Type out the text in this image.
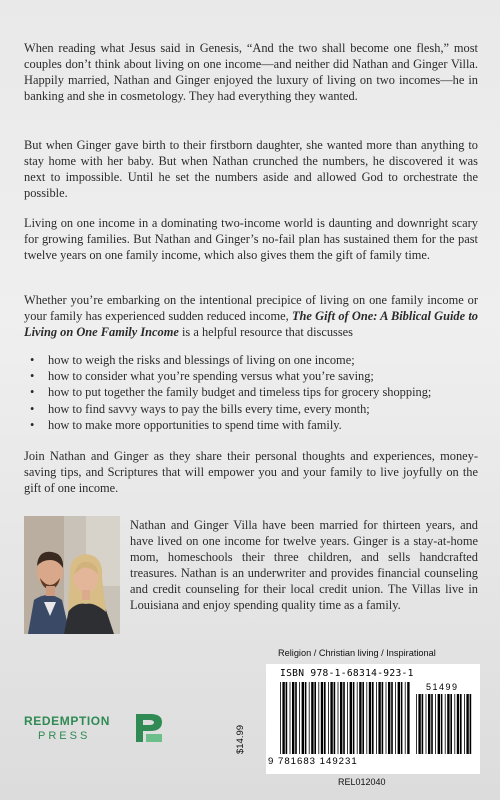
When reading what Jesus said in Genesis, “And the two shall become one flesh,” most couples don’t think about living on one income—and neither did Nathan and Ginger Villa. Happily married, Nathan and Ginger enjoyed the luxury of living on two incomes—he in banking and she in cosmetology. They had everything they wanted.

But when Ginger gave birth to their firstborn daughter, she wanted more than anything to stay home with her baby. But when Nathan crunched the numbers, he discovered it was next to impossible. Until he set the numbers aside and allowed God to orchestrate the possible.

Living on one income in a dominating two-income world is daunting and downright scary for growing families. But Nathan and Ginger’s no-fail plan has sustained them for the past twelve years on one family income, which also gives them the gift of family time.

Whether you’re embarking on the intentional precipice of living on one family income or your family has experienced sudden reduced income, The Gift of One: A Biblical Guide to Living on One Family Income is a helpful resource that discusses

• how to weigh the risks and blessings of living on one income;
• how to consider what you’re spending versus what you’re saving;
• how to put together the family budget and timeless tips for grocery shopping;
• how to find savvy ways to pay the bills every time, every month;
• how to make more opportunities to spend time with family.

Join Nathan and Ginger as they share their personal thoughts and experiences, money-saving tips, and Scriptures that will empower you and your family to live joyfully on the gift of one income.

Nathan and Ginger Villa have been married for thirteen years, and have lived on one income for twelve years. Ginger is a stay-at-home mom, homeschools their three children, and sells handcrafted treasures. Nathan is an underwriter and provides financial counseling and credit counseling for their local credit union. The Villas live in Louisiana and enjoy spending quality time as a family.

Religion / Christian living / Inspirational
ISBN 978-1-68314-923-1
51499
9 781683 149231
$14.99
REL012040
REDEMPTION
PRESS
